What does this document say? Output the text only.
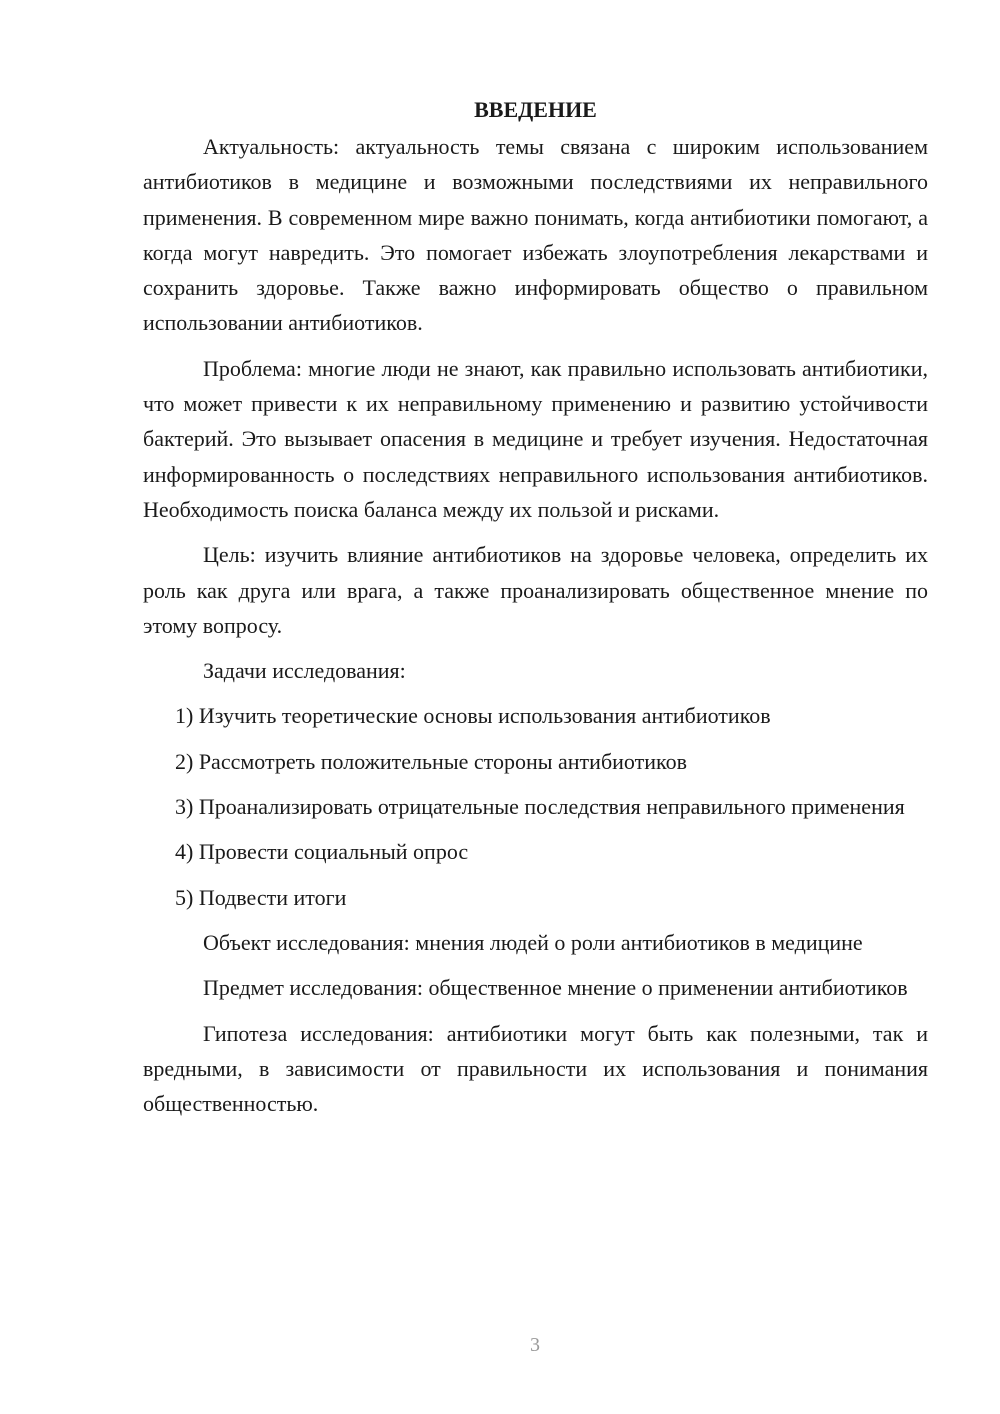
ВВЕДЕНИЕ

Актуальность: актуальность темы связана с широким использованием антибиотиков в медицине и возможными последствиями их неправильного применения. В современном мире важно понимать, когда антибиотики помогают, а когда могут навредить. Это помогает избежать злоупотребления лекарствами и сохранить здоровье. Также важно информировать общество о правильном использовании антибиотиков.

Проблема: многие люди не знают, как правильно использовать антибиотики, что может привести к их неправильному применению и развитию устойчивости бактерий. Это вызывает опасения в медицине и требует изучения. Недостаточная информированность о последствиях неправильного использования антибиотиков. Необходимость поиска баланса между их пользой и рисками.

Цель: изучить влияние антибиотиков на здоровье человека, определить их роль как друга или врага, а также проанализировать общественное мнение по этому вопросу.

Задачи исследования:

1) Изучить теоретические основы использования антибиотиков

2) Рассмотреть положительные стороны антибиотиков

3) Проанализировать отрицательные последствия неправильного применения

4) Провести социальный опрос

5) Подвести итоги

Объект исследования: мнения людей о роли антибиотиков в медицине

Предмет исследования: общественное мнение о применении антибиотиков

Гипотеза исследования: антибиотики могут быть как полезными, так и вредными, в зависимости от правильности их использования и понимания общественностью.

3
